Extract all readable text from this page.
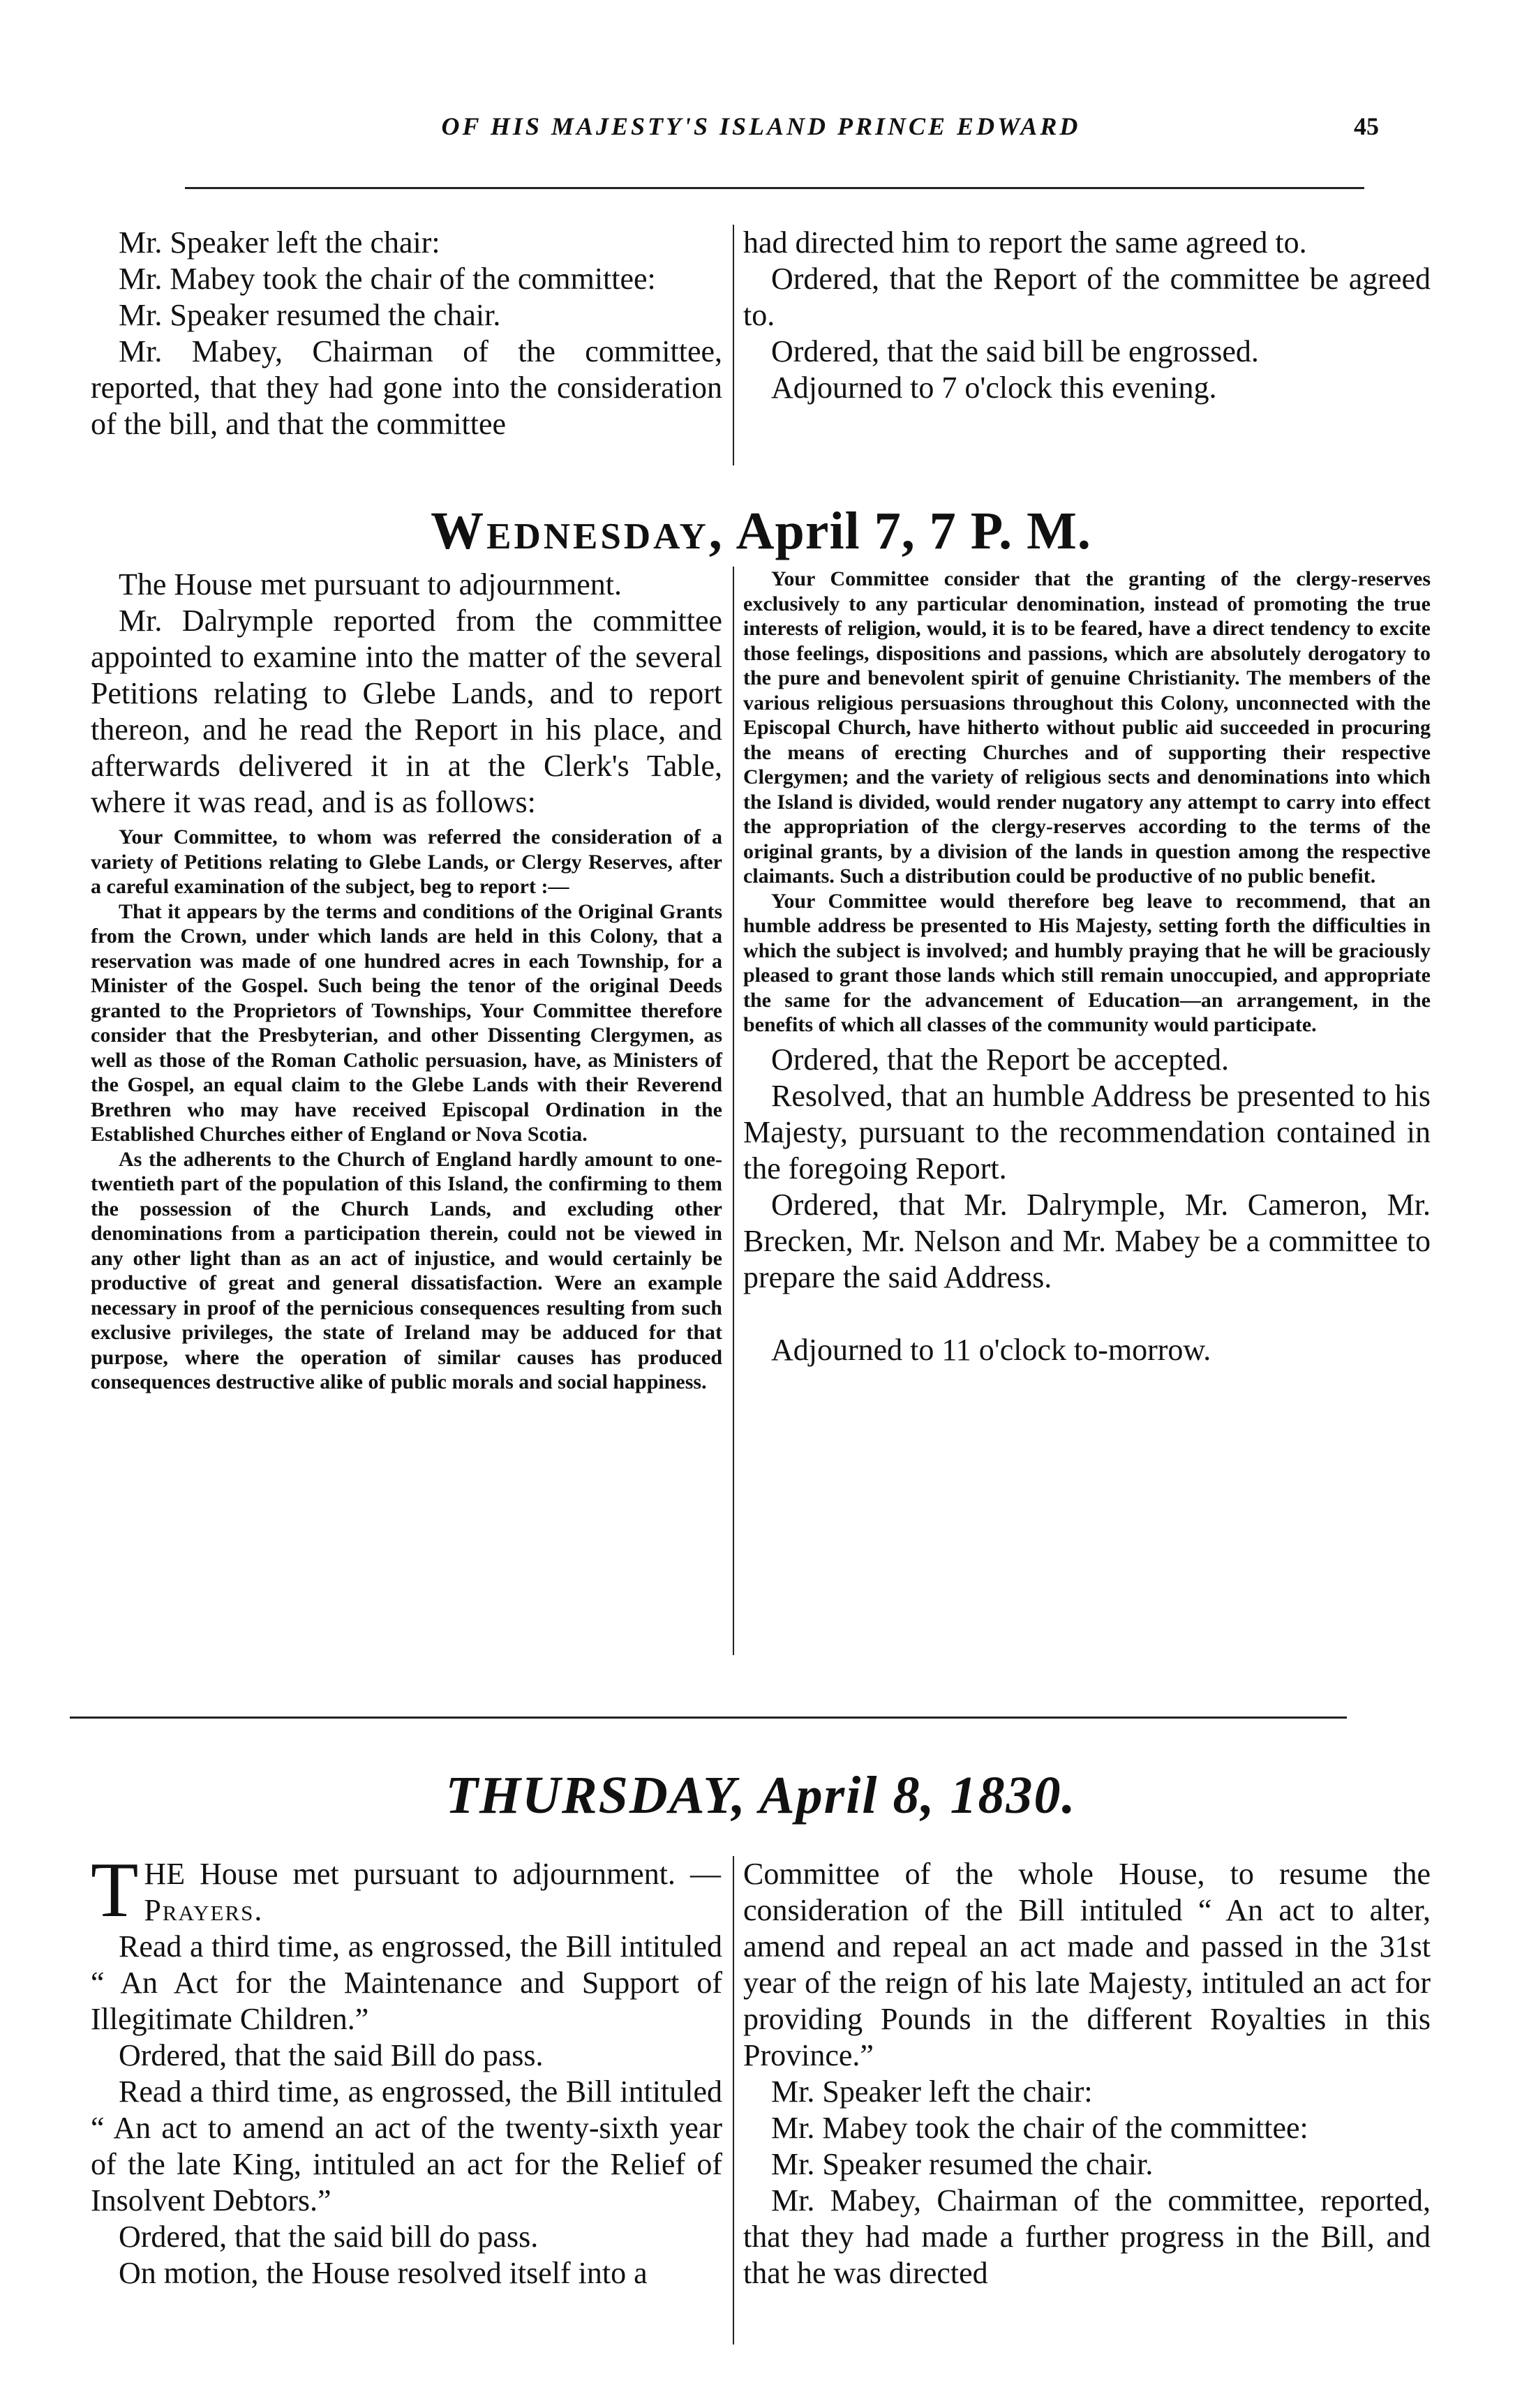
OF HIS MAJESTY'S ISLAND PRINCE EDWARD	45

Mr. Speaker left the chair:

Mr. Mabey took the chair of the committee:

Mr. Speaker resumed the chair.

Mr. Mabey, Chairman of the committee, reported, that they had gone into the consideration of the bill, and that the committee

had directed him to report the same agreed to.

Ordered, that the Report of the committee be agreed to.

Ordered, that the said bill be engrossed.

Adjourned to 7 o'clock this evening.

Wednesday, April 7, 7 P. M.

The House met pursuant to adjournment.

Mr. Dalrymple reported from the committee appointed to examine into the matter of the several Petitions relating to Glebe Lands, and to report thereon, and he read the Report in his place, and afterwards delivered it in at the Clerk's Table, where it was read, and is as follows:

Your Committee, to whom was referred the consideration of a variety of Petitions relating to Glebe Lands, or Clergy Reserves, after a careful examination of the subject, beg to report :—

That it appears by the terms and conditions of the Original Grants from the Crown, under which lands are held in this Colony, that a reservation was made of one hundred acres in each Township, for a Minister of the Gospel. Such being the tenor of the original Deeds granted to the Proprietors of Townships, Your Committee therefore consider that the Presbyterian, and other Dissenting Clergymen, as well as those of the Roman Catholic persuasion, have, as Ministers of the Gospel, an equal claim to the Glebe Lands with their Reverend Brethren who may have received Episcopal Ordination in the Established Churches either of England or Nova Scotia.

As the adherents to the Church of England hardly amount to one-twentieth part of the population of this Island, the confirming to them the possession of the Church Lands, and excluding other denominations from a participation therein, could not be viewed in any other light than as an act of injustice, and would certainly be productive of great and general dissatisfaction. Were an example necessary in proof of the pernicious consequences resulting from such exclusive privileges, the state of Ireland may be adduced for that purpose, where the operation of similar causes has produced consequences destructive alike of public morals and social happiness.

Your Committee consider that the granting of the clergy-reserves exclusively to any particular denomination, instead of promoting the true interests of religion, would, it is to be feared, have a direct tendency to excite those feelings, dispositions and passions, which are absolutely derogatory to the pure and benevolent spirit of genuine Christianity. The members of the various religious persuasions throughout this Colony, unconnected with the Episcopal Church, have hitherto without public aid succeeded in procuring the means of erecting Churches and of supporting their respective Clergymen; and the variety of religious sects and denominations into which the Island is divided, would render nugatory any attempt to carry into effect the appropriation of the clergy-reserves according to the terms of the original grants, by a division of the lands in question among the respective claimants. Such a distribution could be productive of no public benefit.

Your Committee would therefore beg leave to recommend, that an humble address be presented to His Majesty, setting forth the difficulties in which the subject is involved; and humbly praying that he will be graciously pleased to grant those lands which still remain unoccupied, and appropriate the same for the advancement of Education—an arrangement, in the benefits of which all classes of the community would participate.

Ordered, that the Report be accepted.

Resolved, that an humble Address be presented to his Majesty, pursuant to the recommendation contained in the foregoing Report.

Ordered, that Mr. Dalrymple, Mr. Cameron, Mr. Brecken, Mr. Nelson and Mr. Mabey be a committee to prepare the said Address.

Adjourned to 11 o'clock to-morrow.

THURSDAY, April 8, 1830.

T HE House met pursuant to adjournment. —Prayers.

Read a third time, as engrossed, the Bill intituled “ An Act for the Maintenance and Support of Illegitimate Children.”

Ordered, that the said Bill do pass.

Read a third time, as engrossed, the Bill intituled “ An act to amend an act of the twenty-sixth year of the late King, intituled an act for the Relief of Insolvent Debtors.”

Ordered, that the said bill do pass.

On motion, the House resolved itself into a

Committee of the whole House, to resume the consideration of the Bill intituled “ An act to alter, amend and repeal an act made and passed in the 31st year of the reign of his late Majesty, intituled an act for providing Pounds in the different Royalties in this Province.”

Mr. Speaker left the chair:

Mr. Mabey took the chair of the committee:

Mr. Speaker resumed the chair.

Mr. Mabey, Chairman of the committee, reported, that they had made a further progress in the Bill, and that he was directed
